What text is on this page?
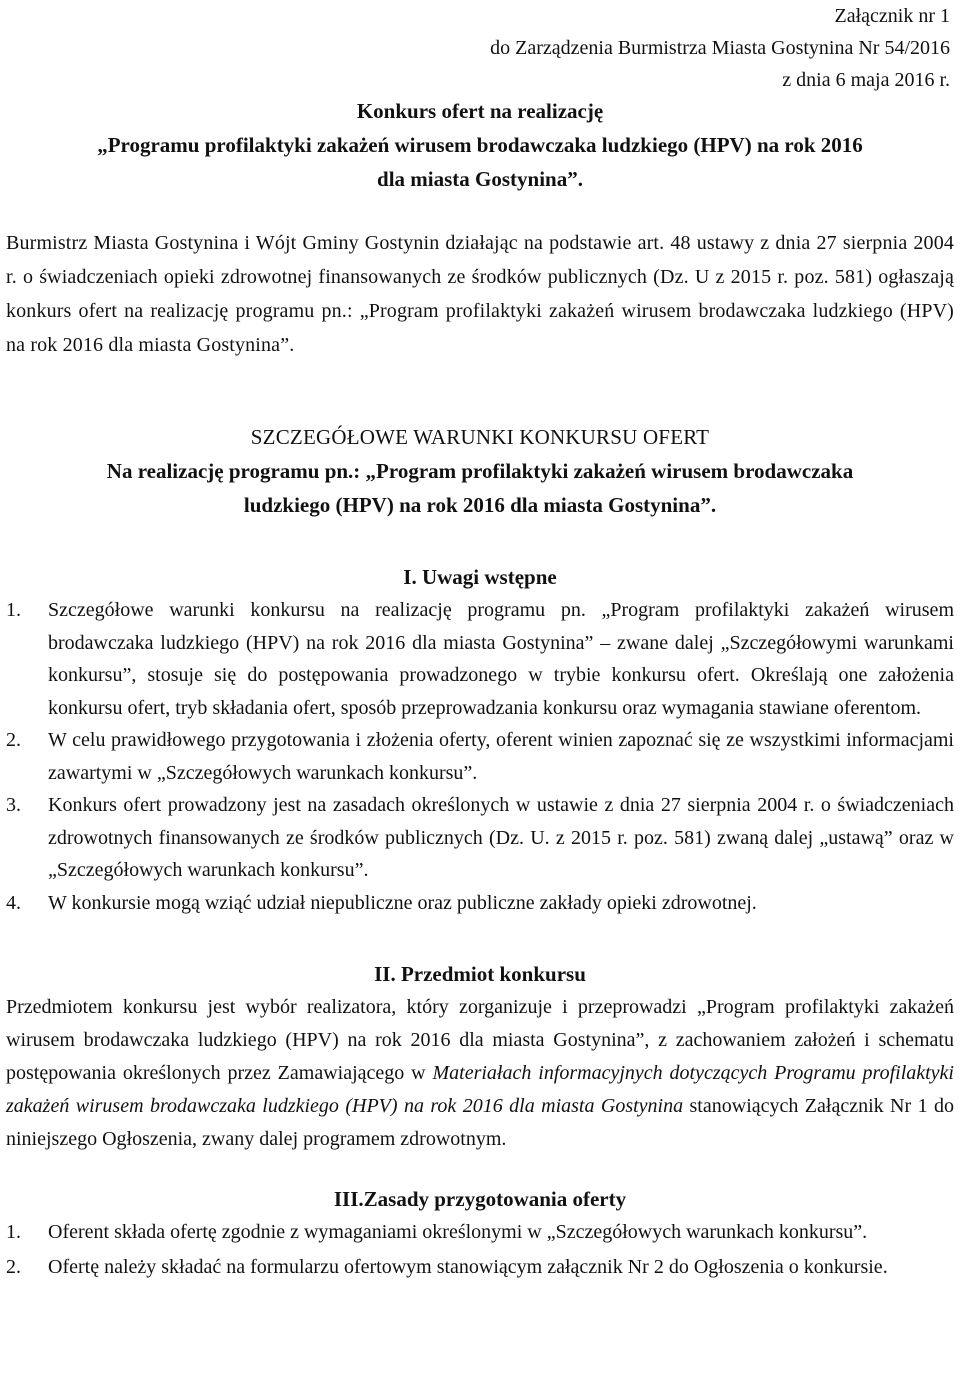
Załącznik nr 1
do Zarządzenia Burmistrza Miasta Gostynina Nr 54/2016
z dnia 6 maja 2016 r.
Konkurs ofert na realizację
„Programu profilaktyki zakażeń wirusem brodawczaka ludzkiego (HPV) na rok 2016
dla miasta Gostynina”.
Burmistrz Miasta Gostynina i Wójt Gminy Gostynin działając na podstawie art. 48 ustawy z dnia 27 sierpnia 2004 r. o świadczeniach opieki zdrowotnej finansowanych ze środków publicznych (Dz. U z 2015 r. poz. 581) ogłaszają konkurs ofert na realizację programu pn.: „Program profilaktyki zakażeń wirusem brodawczaka ludzkiego (HPV) na rok 2016 dla miasta Gostynina”.
SZCZEGÓŁOWE WARUNKI KONKURSU OFERT
Na realizację programu pn.: „Program profilaktyki zakażeń wirusem brodawczaka
ludzkiego (HPV) na rok 2016 dla miasta Gostynina”.
I. Uwagi wstępne
1.	Szczegółowe warunki konkursu na realizację programu pn. „Program profilaktyki zakażeń wirusem brodawczaka ludzkiego (HPV) na rok 2016 dla miasta Gostynina” – zwane dalej „Szczegółowymi warunkami konkursu”, stosuje się do postępowania prowadzonego w trybie konkursu ofert. Określają one założenia konkursu ofert, tryb składania ofert, sposób przeprowadzania konkursu oraz wymagania stawiane oferentom.
2.	W celu prawidłowego przygotowania i złożenia oferty, oferent winien zapoznać się ze wszystkimi informacjami zawartymi w „Szczegółowych warunkach konkursu”.
3.	Konkurs ofert prowadzony jest na zasadach określonych w ustawie z dnia 27 sierpnia 2004 r. o świadczeniach zdrowotnych finansowanych ze środków publicznych (Dz. U. z 2015 r. poz. 581) zwaną dalej „ustawą” oraz w „Szczegółowych warunkach konkursu”.
4.	W konkursie mogą wziąć udział niepubliczne oraz publiczne zakłady opieki zdrowotnej.
II. Przedmiot konkursu
Przedmiotem konkursu jest wybór realizatora, który zorganizuje i przeprowadzi „Program profilaktyki zakażeń wirusem brodawczaka ludzkiego (HPV) na rok 2016 dla miasta Gostynina”, z zachowaniem założeń i schematu postępowania określonych przez Zamawiającego w Materiałach informacyjnych dotyczących Programu profilaktyki zakażeń wirusem brodawczaka ludzkiego (HPV) na rok 2016 dla miasta Gostynina stanowiących Załącznik Nr 1 do niniejszego Ogłoszenia, zwany dalej programem zdrowotnym.
III.Zasady przygotowania oferty
1.	Oferent składa ofertę zgodnie z wymaganiami określonymi w „Szczegółowych warunkach konkursu”.
2.	Ofertę należy składać na formularzu ofertowym stanowiącym załącznik Nr 2 do Ogłoszenia o konkursie.
